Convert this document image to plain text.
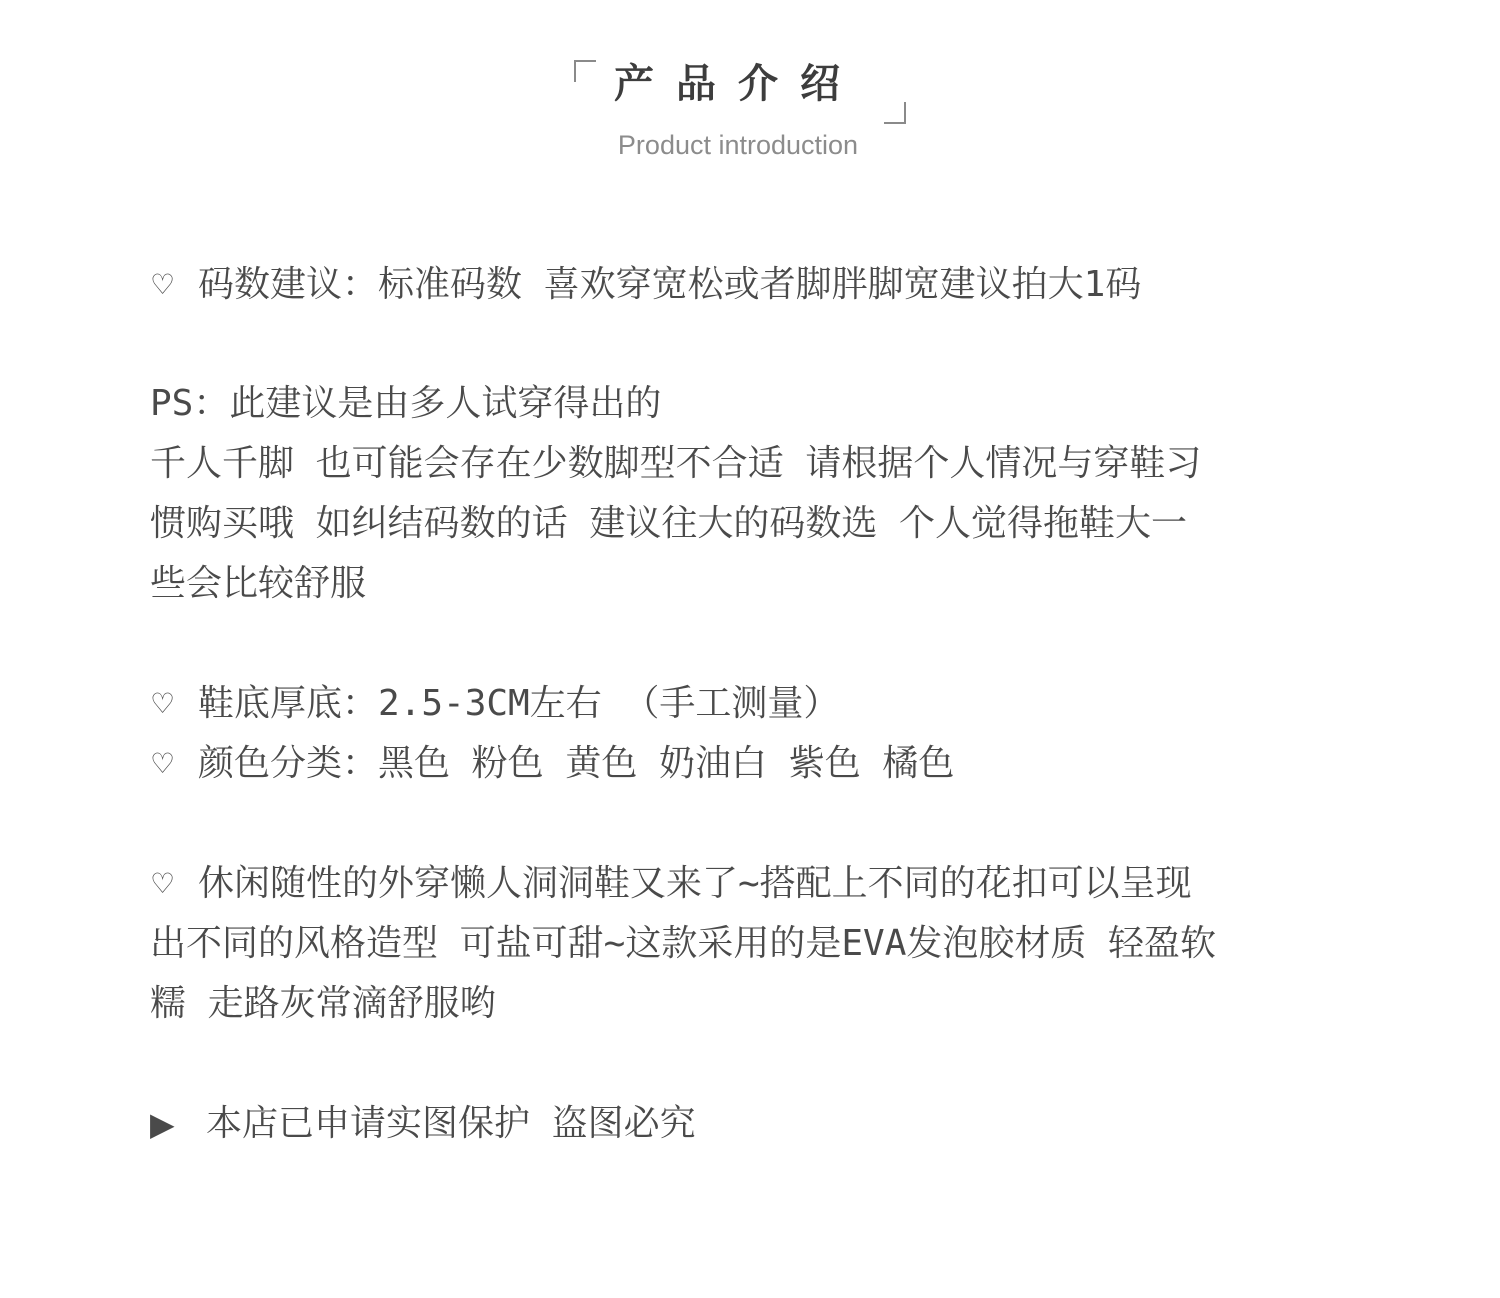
产品介绍
Product introduction
♡ 码数建议：标准码数 喜欢穿宽松或者脚胖脚宽建议拍大1码
PS：此建议是由多人试穿得出的
千人千脚 也可能会存在少数脚型不合适 请根据个人情况与穿鞋习
惯购买哦 如纠结码数的话 建议往大的码数选 个人觉得拖鞋大一
些会比较舒服
♡ 鞋底厚底：2.5-3CM左右 （手工测量）
♡ 颜色分类：黑色 粉色 黄色 奶油白 紫色 橘色
♡ 休闲随性的外穿懒人洞洞鞋又来了~搭配上不同的花扣可以呈现
出不同的风格造型 可盐可甜~这款采用的是EVA发泡胶材质 轻盈软
糯 走路灰常滴舒服哟
▶ 本店已申请实图保护 盗图必究
